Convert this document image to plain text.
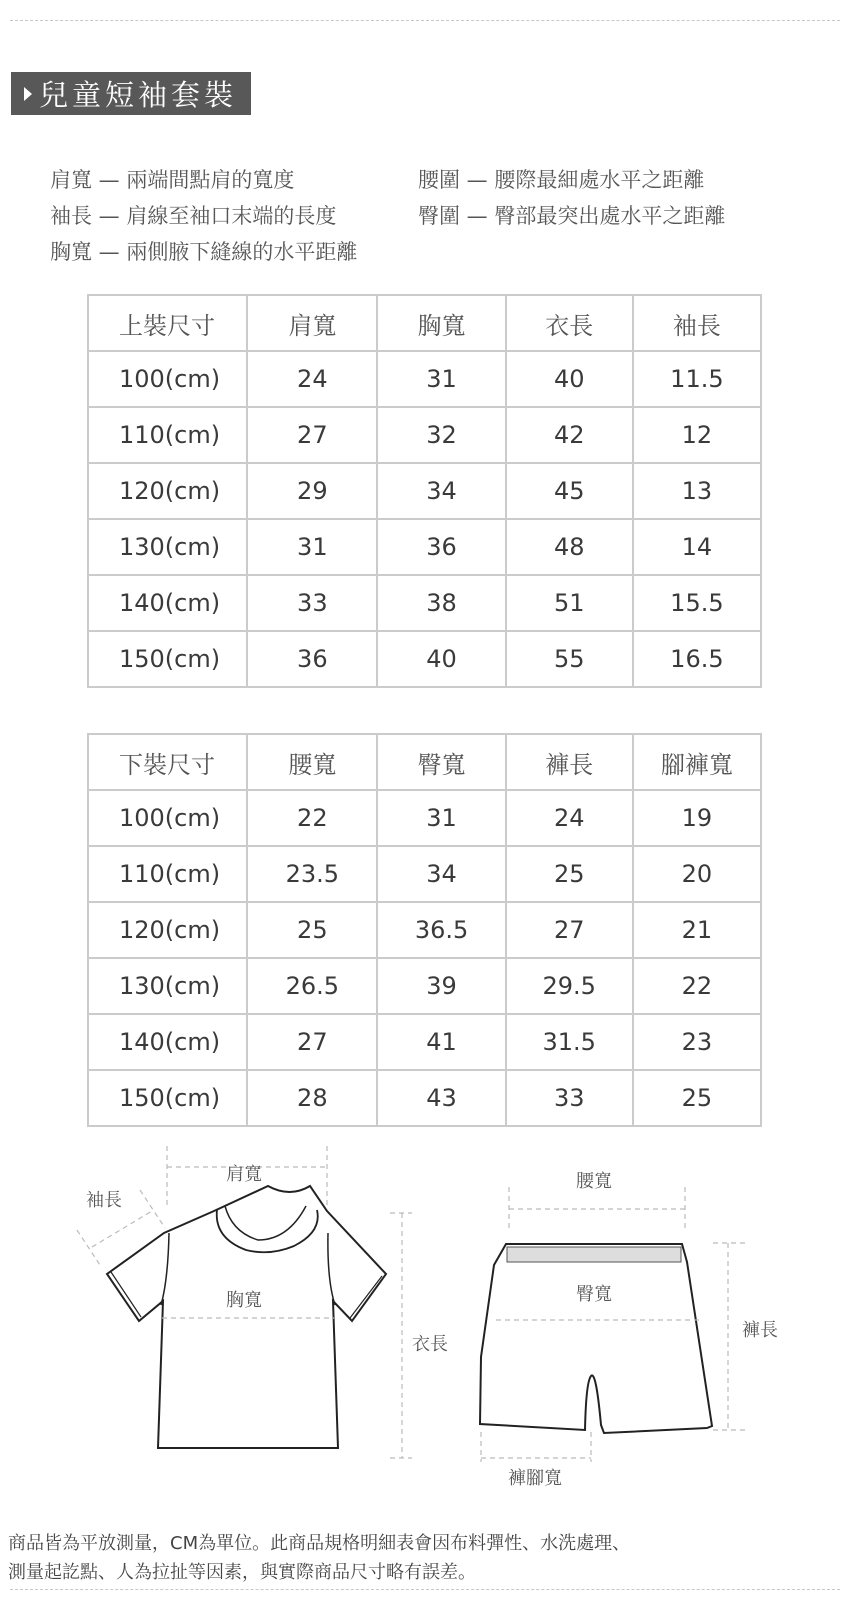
兒童短袖套裝
肩寬 — 兩端間點肩的寬度
袖長 — 肩線至袖口末端的長度
胸寬 — 兩側腋下縫線的水平距離
腰圍 — 腰際最細處水平之距離
臀圍 — 臀部最突出處水平之距離
上裝尺寸	肩寬	胸寬	衣長	袖長
100(cm)	24	31	40	11.5
110(cm)	27	32	42	12
120(cm)	29	34	45	13
130(cm)	31	36	48	14
140(cm)	33	38	51	15.5
150(cm)	36	40	55	16.5
下裝尺寸	腰寬	臀寬	褲長	腳褲寬
100(cm)	22	31	24	19
110(cm)	23.5	34	25	20
120(cm)	25	36.5	27	21
130(cm)	26.5	39	29.5	22
140(cm)	27	41	31.5	23
150(cm)	28	43	33	25
肩寬
袖長
胸寬
衣長
腰寬
臀寬
褲長
褲腳寬
商品皆為平放測量，CM為單位。此商品規格明細表會因布料彈性、水洗處理、
測量起訖點、人為拉扯等因素，與實際商品尺寸略有誤差。
